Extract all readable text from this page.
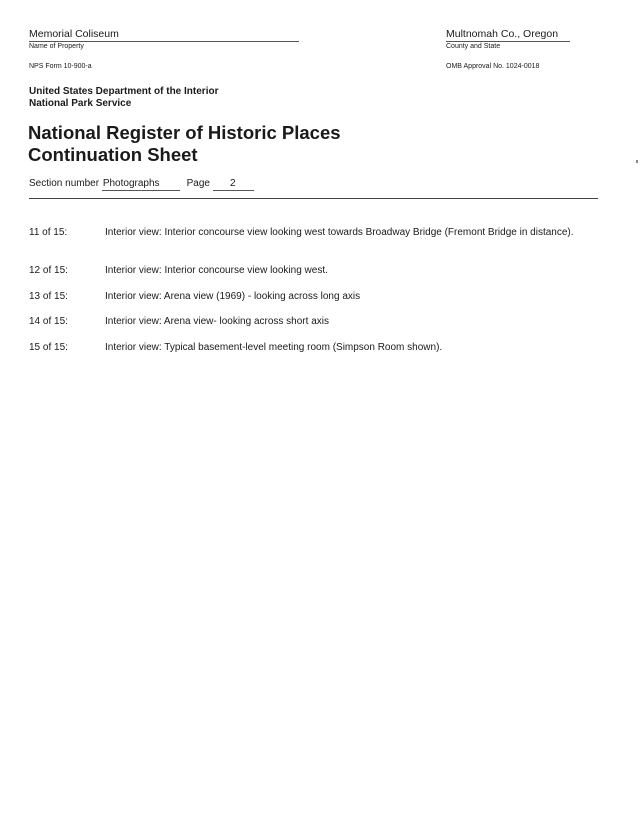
Memorial Coliseum
Name of Property
Multnomah Co., Oregon
County and State
NPS Form 10-900-a	OMB Approval No. 1024-0018
United States Department of the Interior
National Park Service
National Register of Historic Places
Continuation Sheet
Section number Photographs	Page 2
11 of 15:	Interior view: Interior concourse view looking west towards Broadway Bridge (Fremont Bridge in distance).
12 of 15:	Interior view: Interior concourse view looking west.
13 of 15:	Interior view: Arena view (1969) - looking across long axis
14 of 15:	Interior view: Arena view- looking across short axis
15 of 15:	Interior view: Typical basement-level meeting room (Simpson Room shown).
